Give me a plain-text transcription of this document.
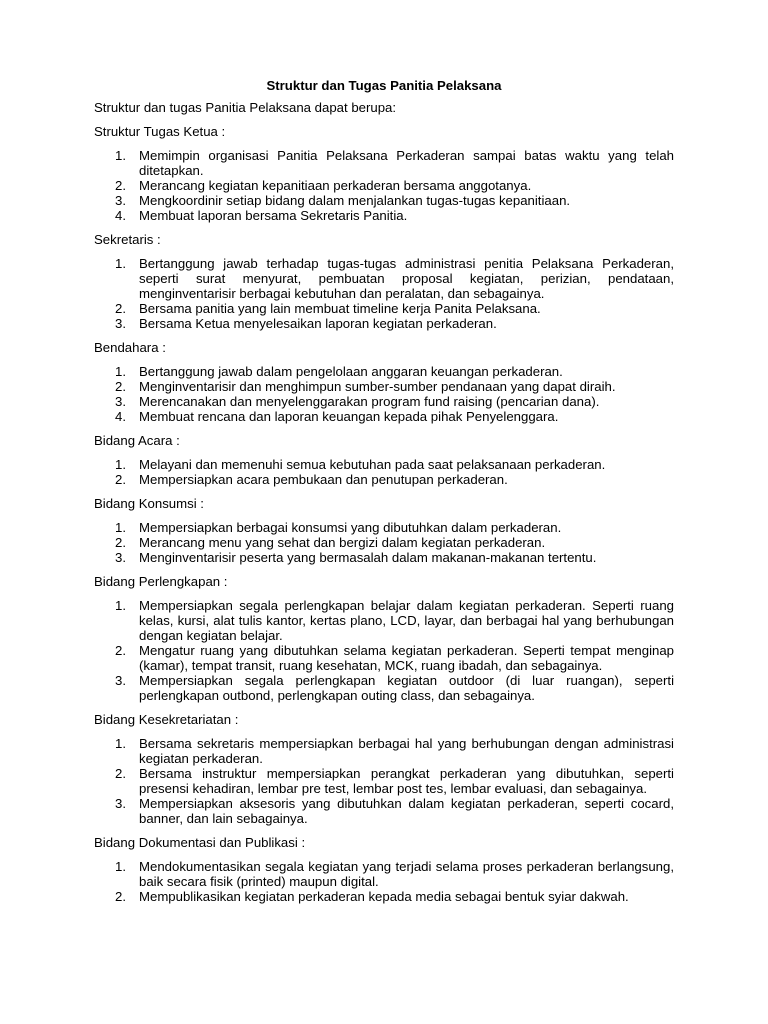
Struktur dan Tugas Panitia Pelaksana
Struktur dan tugas Panitia Pelaksana dapat berupa:
Struktur Tugas Ketua :
1. Memimpin organisasi Panitia Pelaksana Perkaderan sampai batas waktu yang telah ditetapkan.
2. Merancang kegiatan kepanitiaan perkaderan bersama anggotanya.
3. Mengkoordinir setiap bidang dalam menjalankan tugas-tugas kepanitiaan.
4. Membuat laporan bersama Sekretaris Panitia.
Sekretaris :
1. Bertanggung jawab terhadap tugas-tugas administrasi penitia Pelaksana Perkaderan, seperti surat menyurat, pembuatan proposal kegiatan, perizian, pendataan, menginventarisir berbagai kebutuhan dan peralatan, dan sebagainya.
2. Bersama panitia yang lain membuat timeline kerja Panita Pelaksana.
3. Bersama Ketua menyelesaikan laporan kegiatan perkaderan.
Bendahara :
1. Bertanggung jawab dalam pengelolaan anggaran keuangan perkaderan.
2. Menginventarisir dan menghimpun sumber-sumber pendanaan yang dapat diraih.
3. Merencanakan dan menyelenggarakan program fund raising (pencarian dana).
4. Membuat rencana dan laporan keuangan kepada pihak Penyelenggara.
Bidang Acara :
1. Melayani dan memenuhi semua kebutuhan pada saat pelaksanaan perkaderan.
2. Mempersiapkan acara pembukaan dan penutupan perkaderan.
Bidang Konsumsi :
1. Mempersiapkan berbagai konsumsi yang dibutuhkan dalam perkaderan.
2. Merancang menu yang sehat dan bergizi dalam kegiatan perkaderan.
3. Menginventarisir peserta yang bermasalah dalam makanan-makanan tertentu.
Bidang Perlengkapan :
1. Mempersiapkan segala perlengkapan belajar dalam kegiatan perkaderan. Seperti ruang kelas, kursi, alat tulis kantor, kertas plano, LCD, layar, dan berbagai hal yang berhubungan dengan kegiatan belajar.
2. Mengatur ruang yang dibutuhkan selama kegiatan perkaderan. Seperti tempat menginap (kamar), tempat transit, ruang kesehatan, MCK, ruang ibadah, dan sebagainya.
3. Mempersiapkan segala perlengkapan kegiatan outdoor (di luar ruangan), seperti perlengkapan outbond, perlengkapan outing class, dan sebagainya.
Bidang Kesekretariatan :
1. Bersama sekretaris mempersiapkan berbagai hal yang berhubungan dengan administrasi kegiatan perkaderan.
2. Bersama instruktur mempersiapkan perangkat perkaderan yang dibutuhkan, seperti presensi kehadiran, lembar pre test, lembar post tes, lembar evaluasi, dan sebagainya.
3. Mempersiapkan aksesoris yang dibutuhkan dalam kegiatan perkaderan, seperti cocard, banner, dan lain sebagainya.
Bidang Dokumentasi dan Publikasi :
1. Mendokumentasikan segala kegiatan yang terjadi selama proses perkaderan berlangsung, baik secara fisik (printed) maupun digital.
2. Mempublikasikan kegiatan perkaderan kepada media sebagai bentuk syiar dakwah.
